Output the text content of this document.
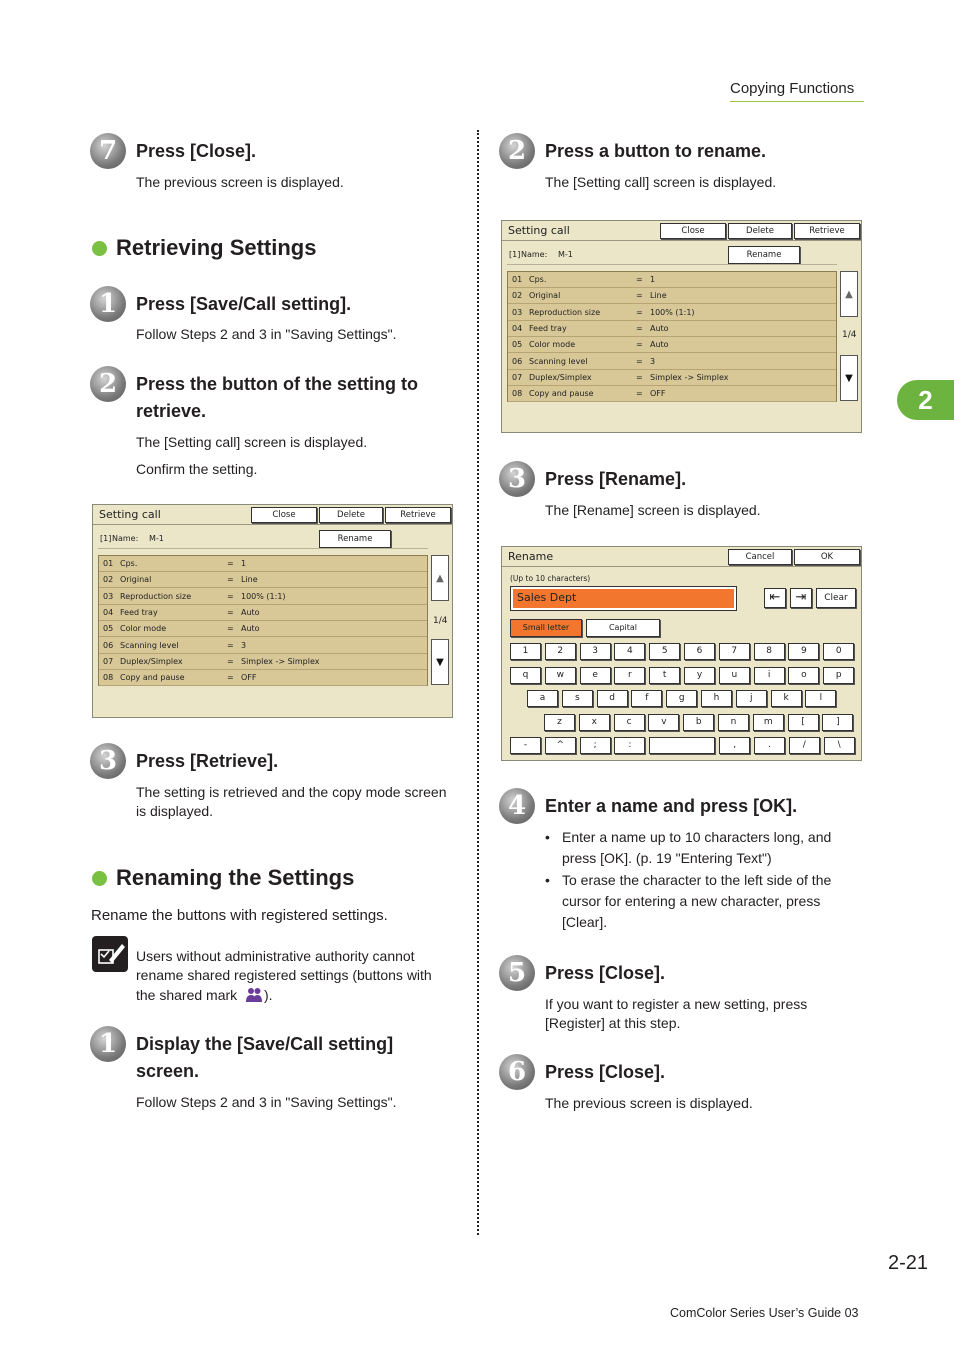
Copying Functions
2
7	Press [Close].
The previous screen is displayed.
Retrieving Settings
1	Press [Save/Call setting].
Follow Steps 2 and 3 in "Saving Settings".
2	Press the button of the setting to
retrieve.
The [Setting call] screen is displayed.
Confirm the setting.
Setting call	Close	Delete	Retrieve
[1] Name: M-1	Rename
01 Cps.	= 1
02 Original	= Line
03 Reproduction size	= 100% (1:1)
04 Feed tray	= Auto
05 Color mode	= Auto
06 Scanning level	= 3
07 Duplex/Simplex	= Simplex -> Simplex
08 Copy and pause	= OFF
▲
1/4
▼
3	Press [Retrieve].
The setting is retrieved and the copy mode screen
is displayed.
Renaming the Settings
Rename the buttons with registered settings.
Users without administrative authority cannot
rename shared registered settings (buttons with
the shared mark ).
1	Display the [Save/Call setting]
screen.
Follow Steps 2 and 3 in "Saving Settings".
2	Press a button to rename.
The [Setting call] screen is displayed.
Setting call	Close	Delete	Retrieve
[1] Name: M-1	Rename
01 Cps.	= 1
02 Original	= Line
03 Reproduction size	= 100% (1:1)
04 Feed tray	= Auto
05 Color mode	= Auto
06 Scanning level	= 3
07 Duplex/Simplex	= Simplex -> Simplex
08 Copy and pause	= OFF
▲
1/4
▼
3	Press [Rename].
The [Rename] screen is displayed.
Rename	Cancel	OK
(Up to 10 characters)
Sales Dept	⇤	⇥	Clear
Small letter	Capital
1	2	3	4	5	6	7	8	9	0
q	w	e	r	t	y	u	i	o	p
a	s	d	f	g	h	j	k	l
z	x	c	v	b	n	m	[	]
-	^	;	:	,	.	/	\
4	Enter a name and press [OK].
• Enter a name up to 10 characters long, and
press [OK]. (p. 19 "Entering Text")
• To erase the character to the left side of the
cursor for entering a new character, press
[Clear].
5	Press [Close].
If you want to register a new setting, press
[Register] at this step.
6	Press [Close].
The previous screen is displayed.
2-21
ComColor Series User’s Guide 03
